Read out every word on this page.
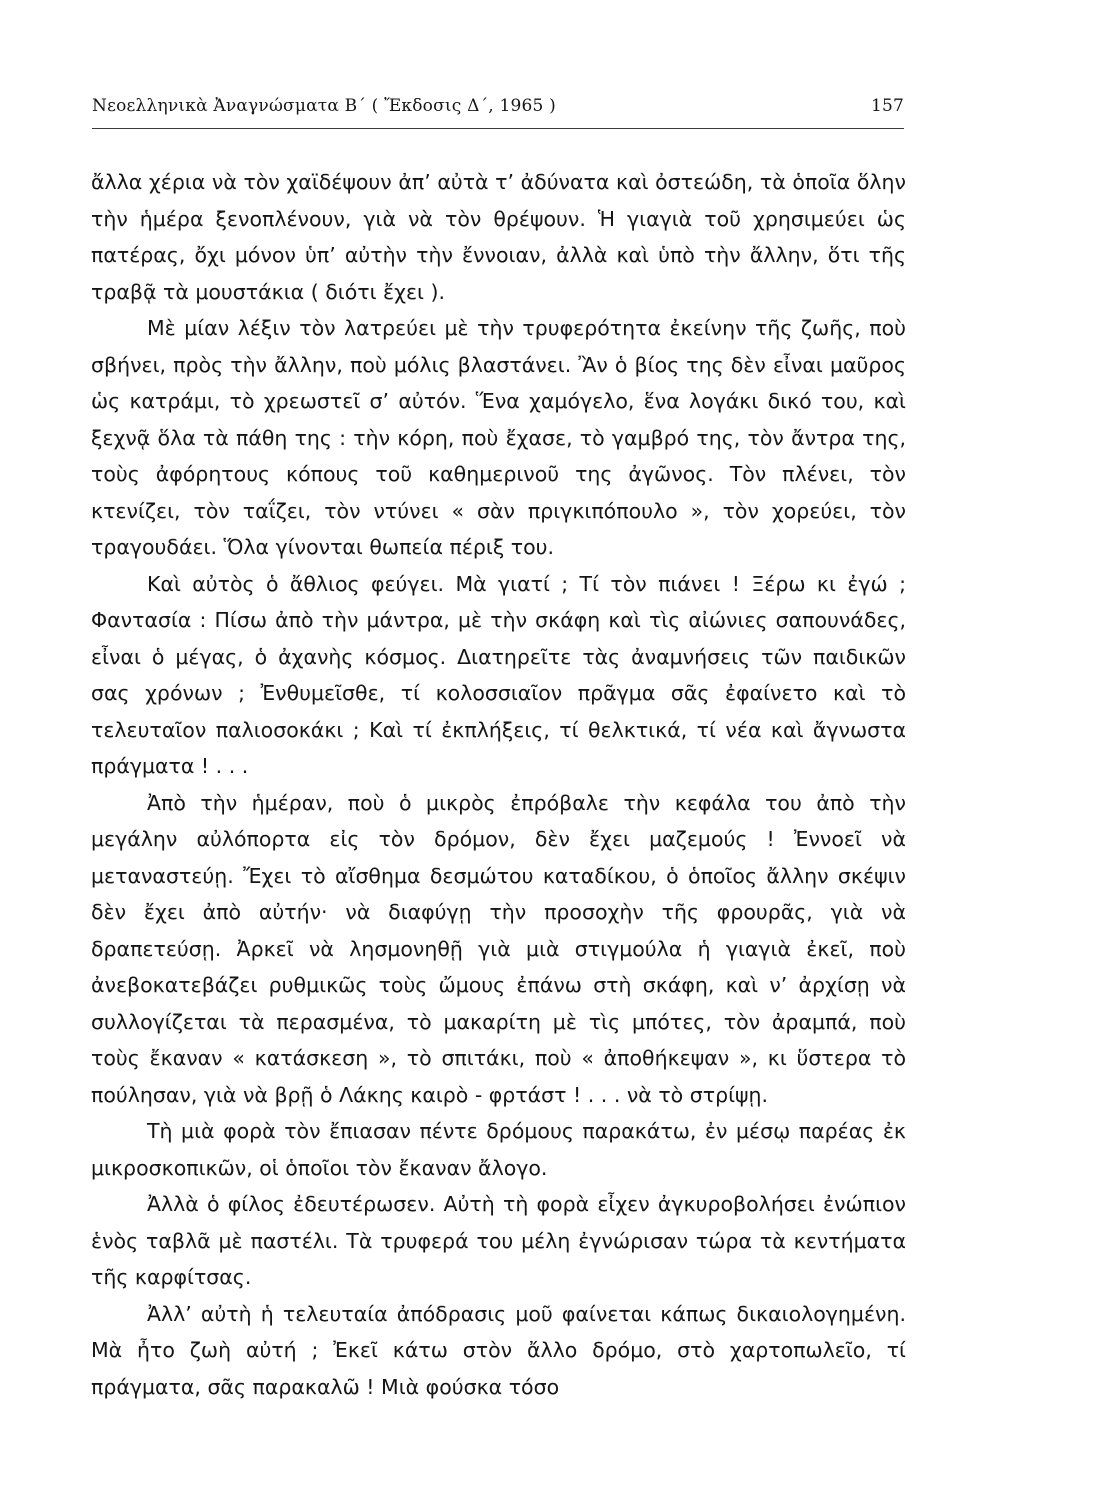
Νεοελληνικὰ Ἀναγνώσματα Β΄ ( Ἔκδοσις Δ΄, 1965 )	157

ἄλλα χέρια νὰ τὸν χαϊδέψουν ἀπ’ αὐτὰ τ’ ἀδύνατα καὶ ὀστεώδη, τὰ ὁποῖα ὅλην τὴν ἡμέρα ξενοπλένουν, γιὰ νὰ τὸν θρέψουν. Ἡ γιαγιὰ τοῦ χρησιμεύει ὡς πατέρας, ὄχι μόνον ὑπ’ αὐτὴν τὴν ἔννοιαν, ἀλλὰ καὶ ὑπὸ τὴν ἄλλην, ὅτι τῆς τραβᾷ τὰ μουστάκια ( διότι ἔχει ).

Μὲ μίαν λέξιν τὸν λατρεύει μὲ τὴν τρυφερότητα ἐκείνην τῆς ζωῆς, ποὺ σβήνει, πρὸς τὴν ἄλλην, ποὺ μόλις βλαστάνει. Ἂν ὁ βίος της δὲν εἶναι μαῦρος ὡς κατράμι, τὸ χρεωστεῖ σ’ αὐτόν. Ἕνα χαμόγελο, ἕνα λογάκι δικό του, καὶ ξεχνᾷ ὅλα τὰ πάθη της : τὴν κόρη, ποὺ ἔχασε, τὸ γαμβρό της, τὸν ἄντρα της, τοὺς ἀφόρητους κόπους τοῦ καθημερινοῦ της ἀγῶνος. Τὸν πλένει, τὸν κτενίζει, τὸν ταΐζει, τὸν ντύνει « σὰν πριγκιπόπουλο », τὸν χορεύει, τὸν τραγουδάει. Ὅλα γίνονται θωπεία πέριξ του.

Καὶ αὐτὸς ὁ ἄθλιος φεύγει. Μὰ γιατί ; Τί τὸν πιάνει ! Ξέρω κι ἐγώ ; Φαντασία : Πίσω ἀπὸ τὴν μάντρα, μὲ τὴν σκάφη καὶ τὶς αἰώνιες σαπουνάδες, εἶναι ὁ μέγας, ὁ ἀχανὴς κόσμος. Διατηρεῖτε τὰς ἀναμνήσεις τῶν παιδικῶν σας χρόνων ; Ἐνθυμεῖσθε, τί κολοσσιαῖον πρᾶγμα σᾶς ἐφαίνετο καὶ τὸ τελευταῖον παλιοσοκάκι ; Καὶ τί ἐκπλήξεις, τί θελκτικά, τί νέα καὶ ἄγνωστα πράγματα ! . . .

Ἀπὸ τὴν ἡμέραν, ποὺ ὁ μικρὸς ἐπρόβαλε τὴν κεφάλα του ἀπὸ τὴν μεγάλην αὐλόπορτα εἰς τὸν δρόμον, δὲν ἔχει μαζεμούς ! Ἐννοεῖ νὰ μεταναστεύῃ. Ἔχει τὸ αἴσθημα δεσμώτου καταδίκου, ὁ ὁποῖος ἄλλην σκέψιν δὲν ἔχει ἀπὸ αὐτήν· νὰ διαφύγῃ τὴν προσοχὴν τῆς φρουρᾶς, γιὰ νὰ δραπετεύσῃ. Ἀρκεῖ νὰ λησμονηθῇ γιὰ μιὰ στιγμούλα ἡ γιαγιὰ ἐκεῖ, ποὺ ἀνεβοκατεβάζει ρυθμικῶς τοὺς ὤμους ἐπάνω στὴ σκάφη, καὶ ν’ ἀρχίσῃ νὰ συλλογίζεται τὰ περασμένα, τὸ μακαρίτη μὲ τὶς μπότες, τὸν ἀραμπά, ποὺ τοὺς ἔκαναν « κατάσκεση », τὸ σπιτάκι, ποὺ « ἀποθήκεψαν », κι ὕστερα τὸ πούλησαν, γιὰ νὰ βρῇ ὁ Λάκης καιρὸ - φρτάστ ! . . . νὰ τὸ στρίψῃ.

Τὴ μιὰ φορὰ τὸν ἔπιασαν πέντε δρόμους παρακάτω, ἐν μέσῳ παρέας ἐκ μικροσκοπικῶν, οἱ ὁποῖοι τὸν ἔκαναν ἄλογο.

Ἀλλὰ ὁ φίλος ἐδευτέρωσεν. Αὐτὴ τὴ φορὰ εἶχεν ἀγκυροβολήσει ἐνώπιον ἑνὸς ταβλᾶ μὲ παστέλι. Τὰ τρυφερά του μέλη ἐγνώρισαν τώρα τὰ κεντήματα τῆς καρφίτσας.

Ἀλλ’ αὐτὴ ἡ τελευταία ἀπόδρασις μοῦ φαίνεται κάπως δικαιολογημένη. Μὰ ἦτο ζωὴ αὐτή ; Ἐκεῖ κάτω στὸν ἄλλο δρόμο, στὸ χαρτοπωλεῖο, τί πράγματα, σᾶς παρακαλῶ ! Μιὰ φούσκα τόσο
